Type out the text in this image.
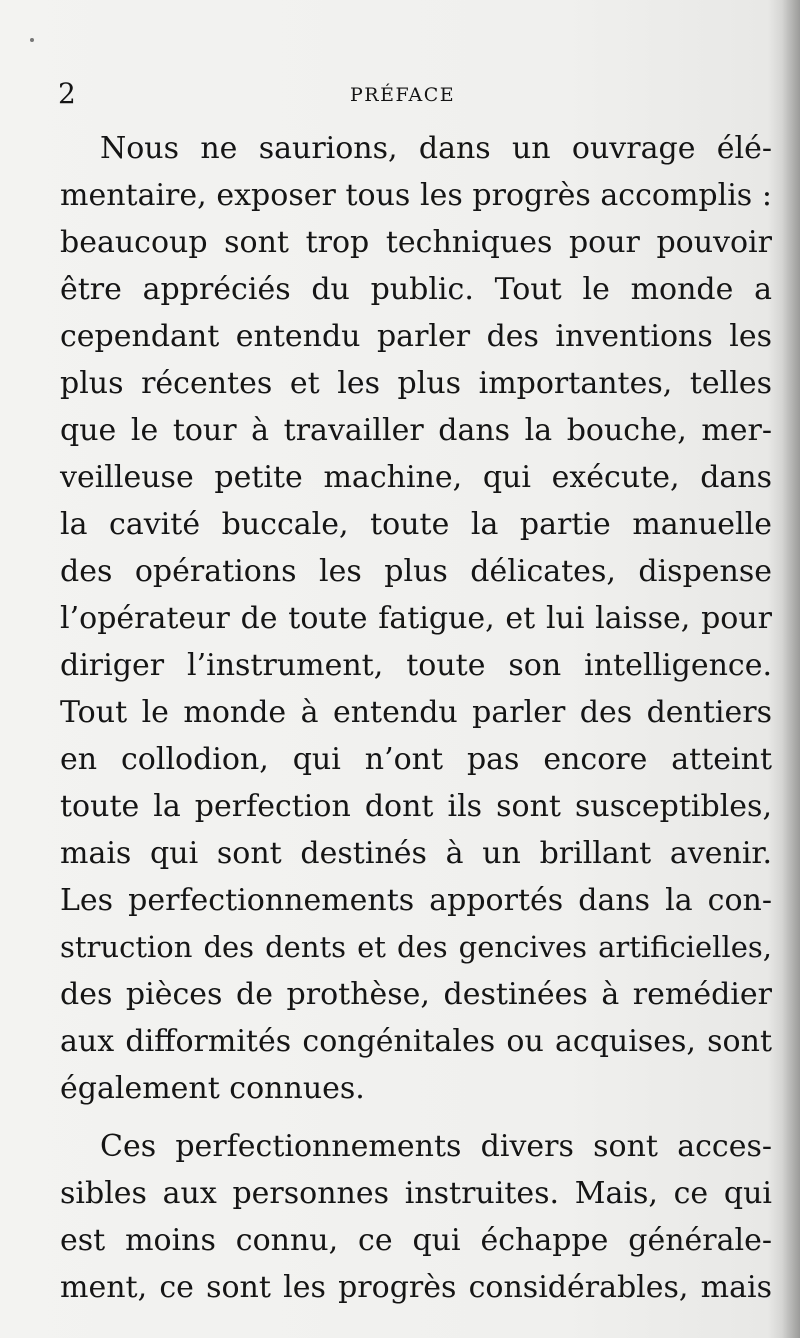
2	PRÉFACE
Nous ne saurions, dans un ouvrage élé-
mentaire, exposer tous les progrès accomplis :
beaucoup sont trop techniques pour pouvoir
être appréciés du public. Tout le monde a
cependant entendu parler des inventions les
plus récentes et les plus importantes, telles
que le tour à travailler dans la bouche, mer-
veilleuse petite machine, qui exécute, dans
la cavité buccale, toute la partie manuelle
des opérations les plus délicates, dispense
l’opérateur de toute fatigue, et lui laisse, pour
diriger l’instrument, toute son intelligence.
Tout le monde à entendu parler des dentiers
en collodion, qui n’ont pas encore atteint
toute la perfection dont ils sont susceptibles,
mais qui sont destinés à un brillant avenir.
Les perfectionnements apportés dans la con-
struction des dents et des gencives artificielles,
des pièces de prothèse, destinées à remédier
aux difformités congénitales ou acquises, sont
également connues.
Ces perfectionnements divers sont acces-
sibles aux personnes instruites. Mais, ce qui
est moins connu, ce qui échappe générale-
ment, ce sont les progrès considérables, mais
